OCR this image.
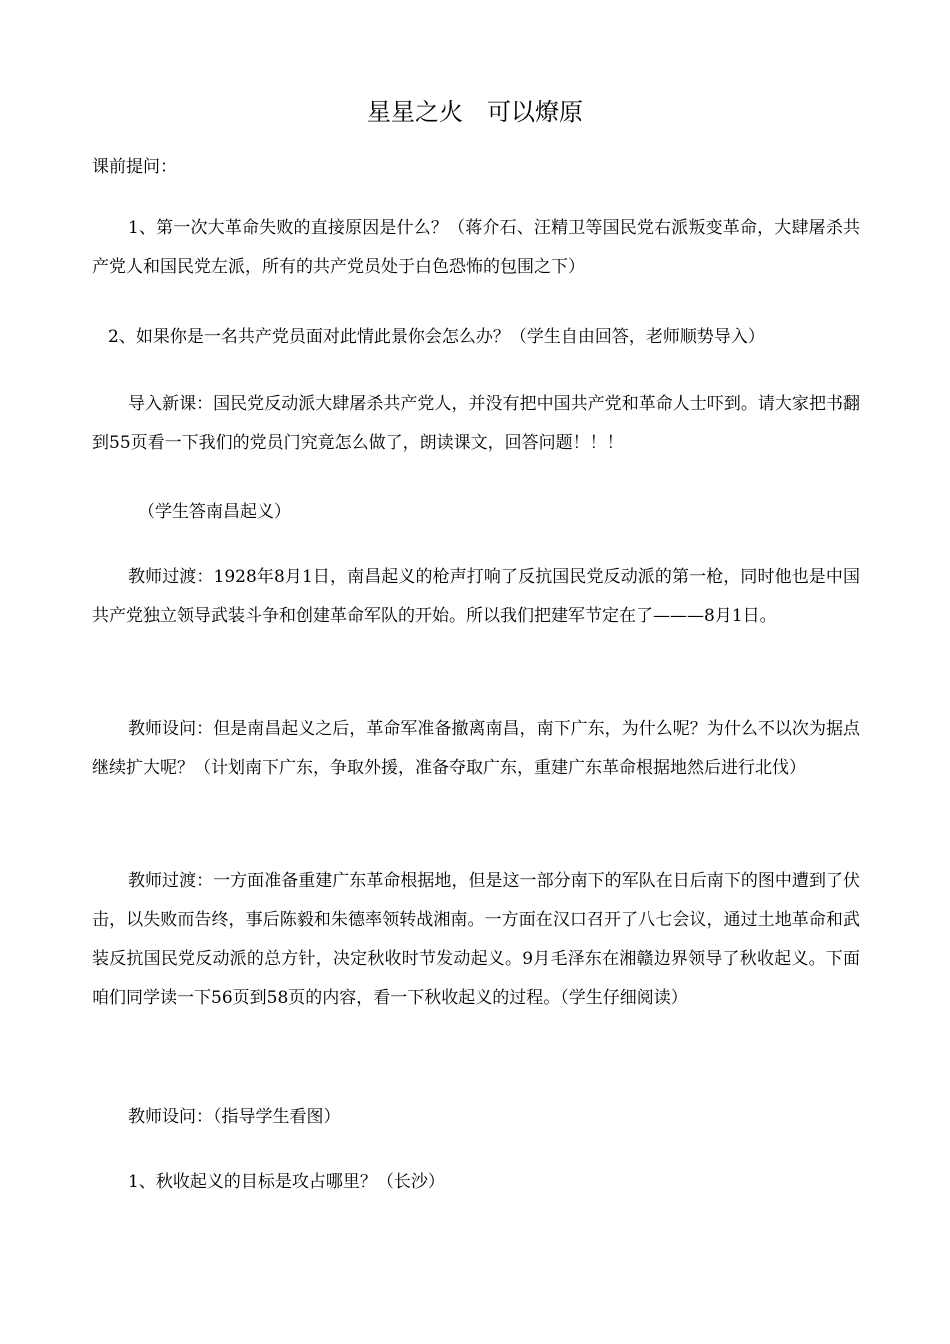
星星之火　可以燎原

课前提问：

1、第一次大革命失败的直接原因是什么？（蒋介石、汪精卫等国民党右派叛变革命，大肆屠杀共产党人和国民党左派，所有的共产党员处于白色恐怖的包围之下）

2、如果你是一名共产党员面对此情此景你会怎么办？（学生自由回答，老师顺势导入）

导入新课：国民党反动派大肆屠杀共产党人，并没有把中国共产党和革命人士吓到。请大家把书翻到55页看一下我们的党员门究竟怎么做了，朗读课文，回答问题！！！

（学生答南昌起义）

教师过渡：1928年8月1日，南昌起义的枪声打响了反抗国民党反动派的第一枪，同时他也是中国共产党独立领导武装斗争和创建革命军队的开始。所以我们把建军节定在了———8月1日。

教师设问：但是南昌起义之后，革命军准备撤离南昌，南下广东，为什么呢？为什么不以次为据点继续扩大呢？（计划南下广东，争取外援，准备夺取广东，重建广东革命根据地然后进行北伐）

教师过渡：一方面准备重建广东革命根据地，但是这一部分南下的军队在日后南下的图中遭到了伏击，以失败而告终，事后陈毅和朱德率领转战湘南。一方面在汉口召开了八七会议，通过土地革命和武装反抗国民党反动派的总方针，决定秋收时节发动起义。9月毛泽东在湘赣边界领导了秋收起义。下面咱们同学读一下56页到58页的内容，看一下秋收起义的过程。（学生仔细阅读）

教师设问：（指导学生看图）

1、秋收起义的目标是攻占哪里？（长沙）
